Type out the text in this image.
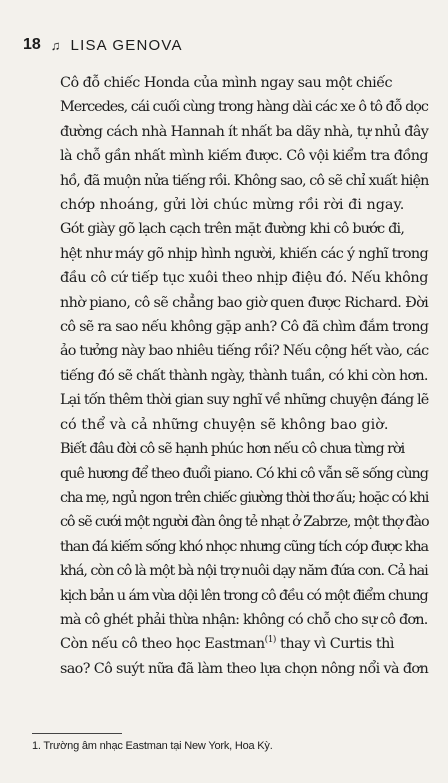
18 ♫ LISA GENOVA

Cô đỗ chiếc Honda của mình ngay sau một chiếc
Mercedes, cái cuối cùng trong hàng dài các xe ô tô đỗ dọc
đường cách nhà Hannah ít nhất ba dãy nhà, tự nhủ đây
là chỗ gần nhất mình kiếm được. Cô vội kiểm tra đồng
hồ, đã muộn nửa tiếng rồi. Không sao, cô sẽ chỉ xuất hiện
chớp nhoáng, gửi lời chúc mừng rồi rời đi ngay.

Gót giày gõ lạch cạch trên mặt đường khi cô bước đi,
hệt như máy gõ nhịp hình người, khiến các ý nghĩ trong
đầu cô cứ tiếp tục xuôi theo nhịp điệu đó. Nếu không
nhờ piano, cô sẽ chẳng bao giờ quen được Richard. Đời
cô sẽ ra sao nếu không gặp anh? Cô đã chìm đắm trong
ảo tưởng này bao nhiêu tiếng rồi? Nếu cộng hết vào, các
tiếng đó sẽ chất thành ngày, thành tuần, có khi còn hơn.
Lại tốn thêm thời gian suy nghĩ về những chuyện đáng lẽ
có thể và cả những chuyện sẽ không bao giờ.

Biết đâu đời cô sẽ hạnh phúc hơn nếu cô chưa từng rời
quê hương để theo đuổi piano. Có khi cô vẫn sẽ sống cùng
cha mẹ, ngủ ngon trên chiếc giường thời thơ ấu; hoặc có khi
cô sẽ cưới một người đàn ông tẻ nhạt ở Zabrze, một thợ đào
than đá kiếm sống khó nhọc nhưng cũng tích cóp được kha
khá, còn cô là một bà nội trợ nuôi dạy năm đứa con. Cả hai
kịch bản u ám vừa dội lên trong cô đều có một điểm chung
mà cô ghét phải thừa nhận: không có chỗ cho sự cô đơn.

Còn nếu cô theo học Eastman$^{(1)}$ thay vì Curtis thì
sao? Cô suýt nữa đã làm theo lựa chọn nông nổi và đơn

1. Trường âm nhạc Eastman tại New York, Hoa Kỳ.
